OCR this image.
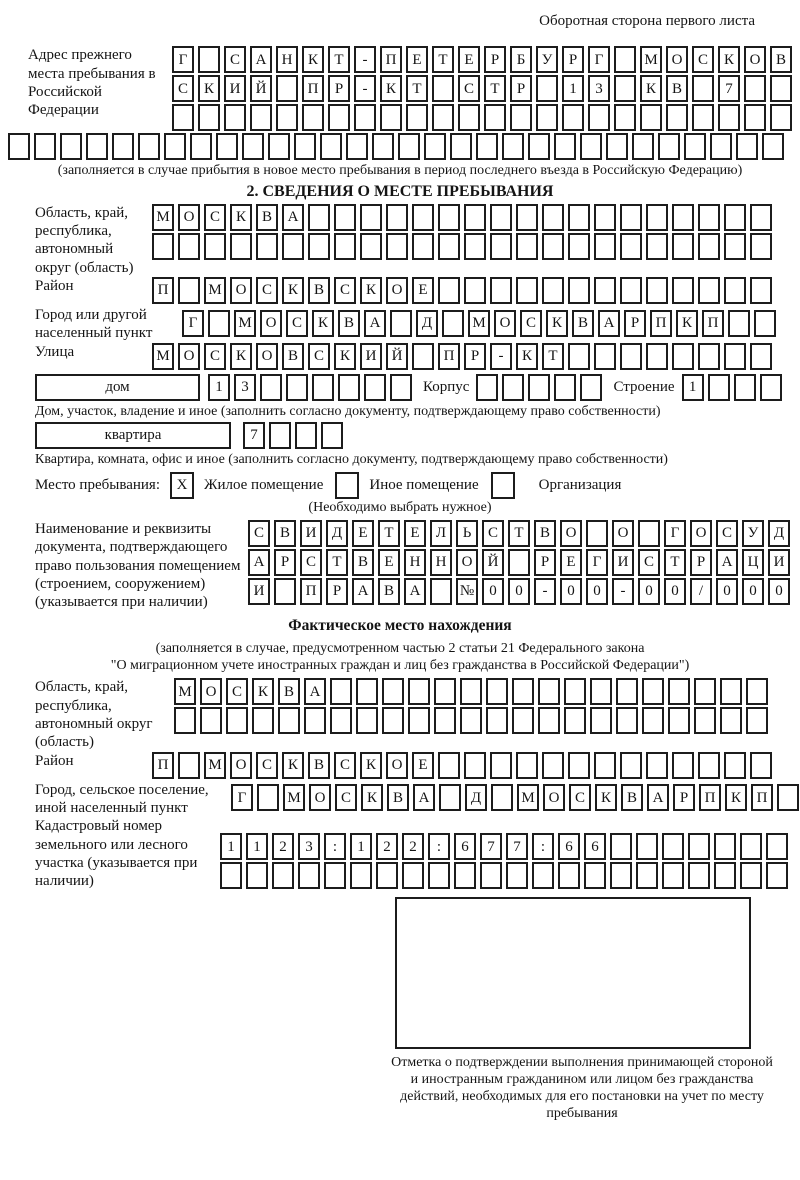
Оборотная сторона первого листа
Адрес прежнего места пребывания в Российской Федерации
Г	С	А	Н	К	Т	-	П	Е	Т	Е	Р	Б	У	Р	Г	М О	С	К	О	В
С	К	И	Й	П	Р	-	К	Т	С	Т	Р	1	3	К	В	7
(заполняется в случае прибытия в новое место пребывания в период последнего въезда в Российскую Федерацию)
2. СВЕДЕНИЯ О МЕСТЕ ПРЕБЫВАНИЯ
Область, край, республика, автономный округ (область)
М О	С	К	В	А
Район	П	М О	С	К	В	С	К	О	Е
Город или другой населенный пункт
Г	М О	С	К	В	А	Д	М О	С	К	В	А	Р	П	К	П
Улица	М О	С	К	О	В	С	К	И	Й	П	Р	-	К	Т
дом	1	3	Корпус	Строение 1
Дом, участок, владение и иное (заполнить согласно документу, подтверждающему право собственности)
квартира	7
Квартира, комната, офис и иное (заполнить согласно документу, подтверждающему право собственности)
Место пребывания:	X	Жилое помещение	Иное помещение	Организация
(Необходимо выбрать нужное)
Наименование и реквизиты документа, подтверждающего право пользования помещением (строением, сооружением) (указывается при наличии)
С	В	И	Д	Е	Т	Е	Л	Ь	С	Т	В	О	О	Г	О	С	У	Д
А	Р	С	Т	В	Е	Н	Н	О	Й	Р	Е	Г	И	С	Т	Р	А	Ц	И
И	П	Р	А	В	А	№	0	0	-	0	0	-	0	0	/	0	0	0
Фактическое место нахождения
(заполняется в случае, предусмотренном частью 2 статьи 21 Федерального закона
"О миграционном учете иностранных граждан и лиц без гражданства в Российской Федерации")
Область, край, республика, автономный округ (область)
М О	С	К	В	А
Район	П	М О	С	К	В	С	К	О	Е
Город, сельское поселение, иной населенный пункт
Г	М О	С	К	В	А	Д	М О	С	К	В	А	Р	П	К	П
Кадастровый номер земельного или лесного участка (указывается при наличии)
1	1	2	3	:	1	2	2	:	6	7	7	:	6	6
Отметка о подтверждении выполнения принимающей стороной и иностранным гражданином или лицом без гражданства действий, необходимых для его постановки на учет по месту пребывания
